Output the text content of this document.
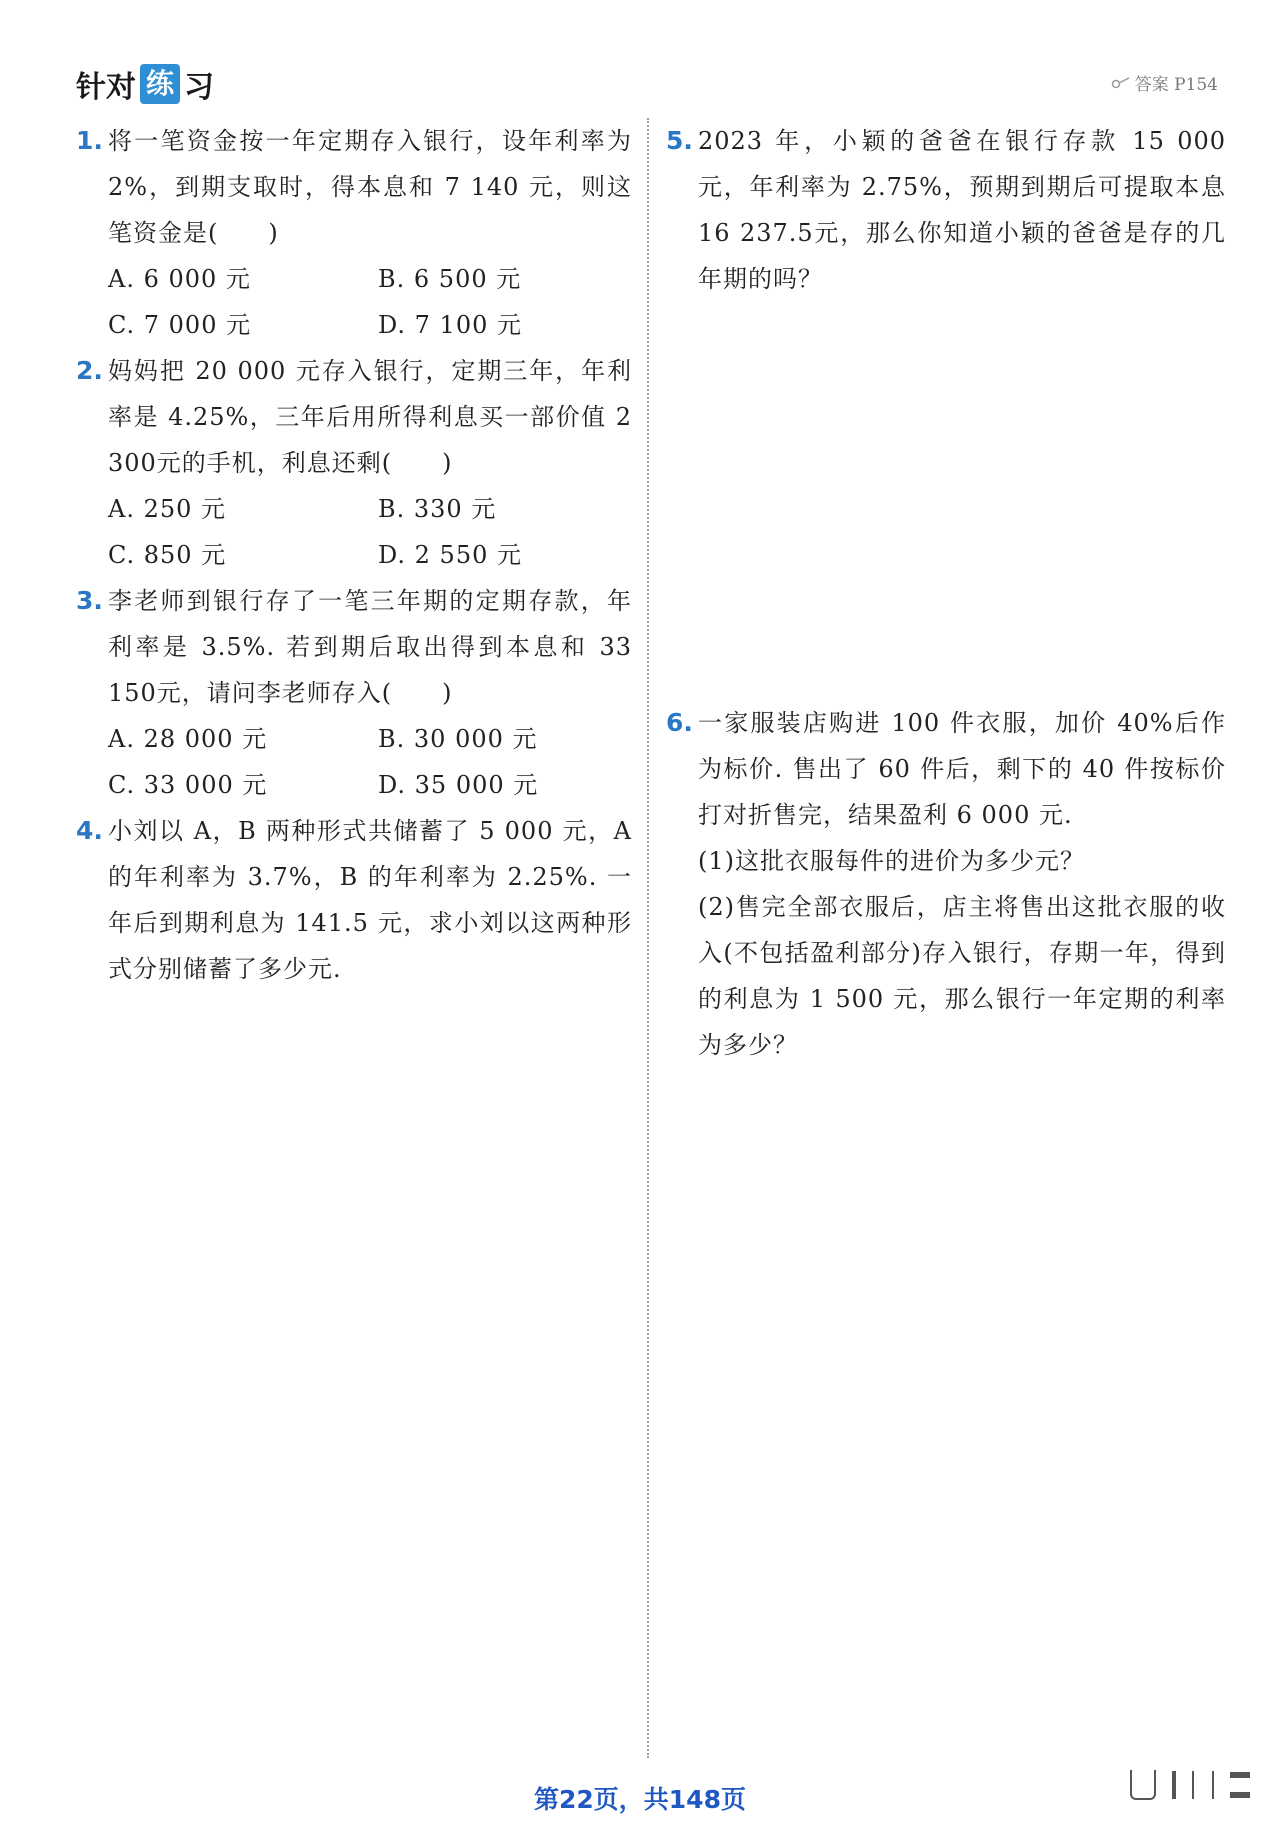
针对 练 习	答案 P154
1. 将一笔资金按一年定期存入银行，设年利率为 2%，到期支取时，得本息和 7 140 元，则这笔资金是(　　)
A. 6 000 元	B. 6 500 元
C. 7 000 元	D. 7 100 元
2. 妈妈把 20 000 元存入银行，定期三年，年利率是 4.25%，三年后用所得利息买一部价值 2 300元的手机，利息还剩(　　)
A. 250 元	B. 330 元
C. 850 元	D. 2 550 元
3. 李老师到银行存了一笔三年期的定期存款，年利率是 3.5%. 若到期后取出得到本息和 33 150元，请问李老师存入(　　)
A. 28 000 元	B. 30 000 元
C. 33 000 元	D. 35 000 元
4. 小刘以 A，B 两种形式共储蓄了 5 000 元，A 的年利率为 3.7%，B 的年利率为 2.25%. 一年后到期利息为 141.5 元，求小刘以这两种形式分别储蓄了多少元.
5. 2023 年，小颖的爸爸在银行存款 15 000 元，年利率为 2.75%，预期到期后可提取本息 16 237.5元，那么你知道小颖的爸爸是存的几年期的吗？
6. 一家服装店购进 100 件衣服，加价 40%后作为标价. 售出了 60 件后，剩下的 40 件按标价打对折售完，结果盈利 6 000 元.
(1)这批衣服每件的进价为多少元？
(2)售完全部衣服后，店主将售出这批衣服的收入(不包括盈利部分)存入银行，存期一年，得到的利息为 1 500 元，那么银行一年定期的利率为多少？
第22页，共148页
